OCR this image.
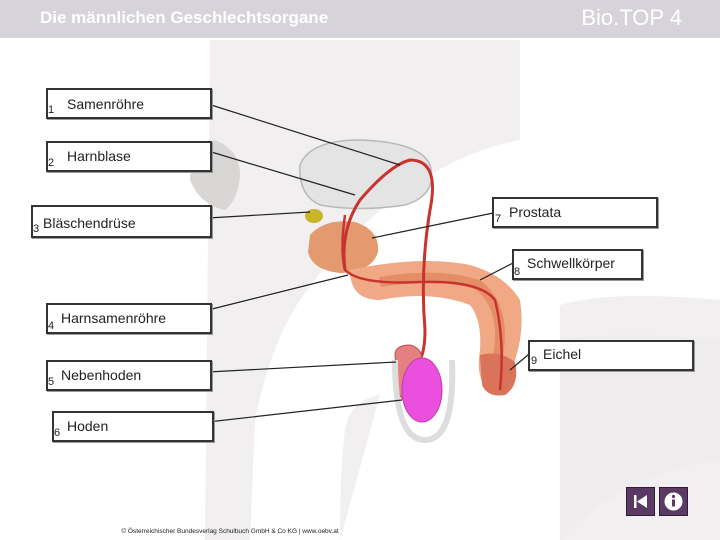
Die männlichen Geschlechtsorgane	Bio.TOP 4
1 Samenröhre
2 Harnblase
3 Bläschendrüse
4 Harnsamenröhre
5 Nebenhoden
6 Hoden
7 Prostata
8
Schwellkörper
9 Eichel
© Österreichischer Bundesverlag Schulbuch GmbH & Co KG | www.oebv.at
